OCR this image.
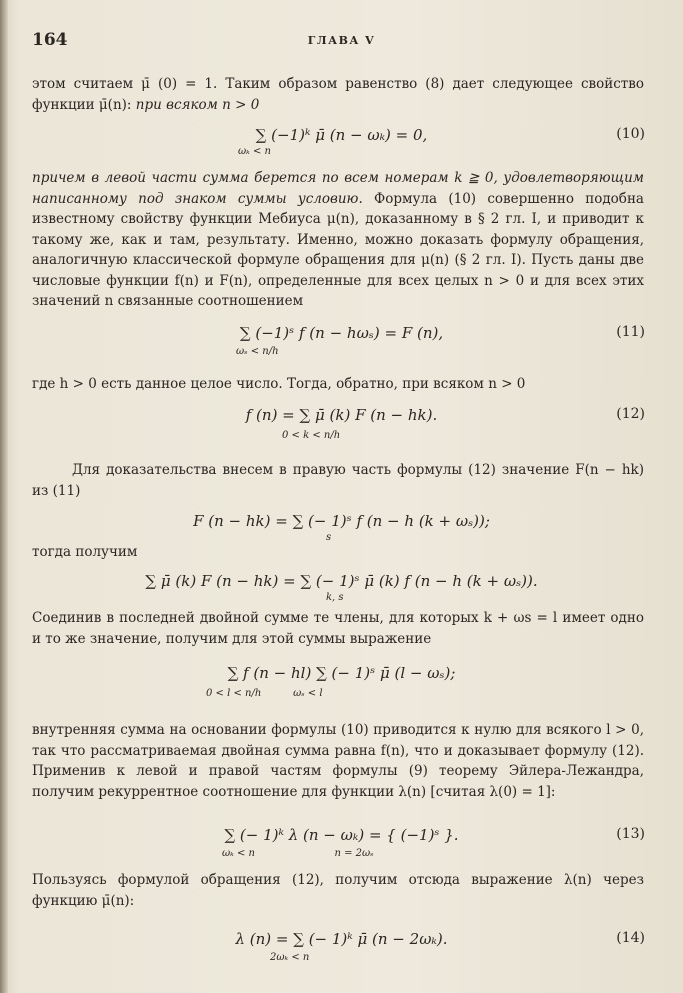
164	ГЛАВА V
этом считаем μ̄ (0) = 1. Таким образом равенство (8) дает следующее свойство функции μ̄(n): при всяком n > 0
∑ (−1)ᵏ μ̄ (n − ωₖ) = 0,
ωₖ < n
(10)
причем в левой части сумма берется по всем номерам k ≧ 0, удовлетворяющим написанному под знаком суммы условию. Формула (10) совершенно подобна известному свойству функции Мебиуса μ(n), доказанному в § 2 гл. I, и приводит к такому же, как и там, результату. Именно, можно доказать формулу обращения, аналогичную классической формуле обращения для μ(n) (§ 2 гл. I). Пусть даны две числовые функции f(n) и F(n), определенные для всех целых n > 0 и для всех этих значений n связанные соотношением
∑ (−1)ˢ f (n − hωₛ) = F (n),
ωₛ < n/h
(11)
где h > 0 есть данное целое число. Тогда, обратно, при всяком n > 0
f (n) = ∑ μ̄ (k) F (n − hk).
0 < k < n/h
(12)
Для доказательства внесем в правую часть формулы (12) значение F(n − hk) из (11)
F (n − hk) = ∑ (− 1)ˢ f (n − h (k + ωₛ));
s
тогда получим
∑ μ̄ (k) F (n − hk) = ∑ (− 1)ˢ μ̄ (k) f (n − h (k + ωₛ)).
k, s
Соединив в последней двойной сумме те члены, для которых k + ωs = l имеет одно и то же значение, получим для этой суммы выражение
∑ f (n − hl) ∑ (− 1)ˢ μ̄ (l − ωₛ);
0 < l < n/h          ωₛ < l
внутренняя сумма на основании формулы (10) приводится к нулю для всякого l > 0, так что рассматриваемая двойная сумма равна f(n), что и доказывает формулу (12). Применив к левой и правой частям формулы (9) теорему Эйлера-Лежандра, получим рекуррентное соотношение для функции λ(n) [считая λ(0) = 1]:
∑ (− 1)ᵏ λ (n − ωₖ) = { (−1)ˢ }.
ωₖ < n                         n = 2ωₛ
(13)
Пользуясь формулой обращения (12), получим отсюда выражение λ(n) через функцию μ̄(n):
λ (n) = ∑ (− 1)ᵏ μ̄ (n − 2ωₖ).
2ωₖ < n
(14)
